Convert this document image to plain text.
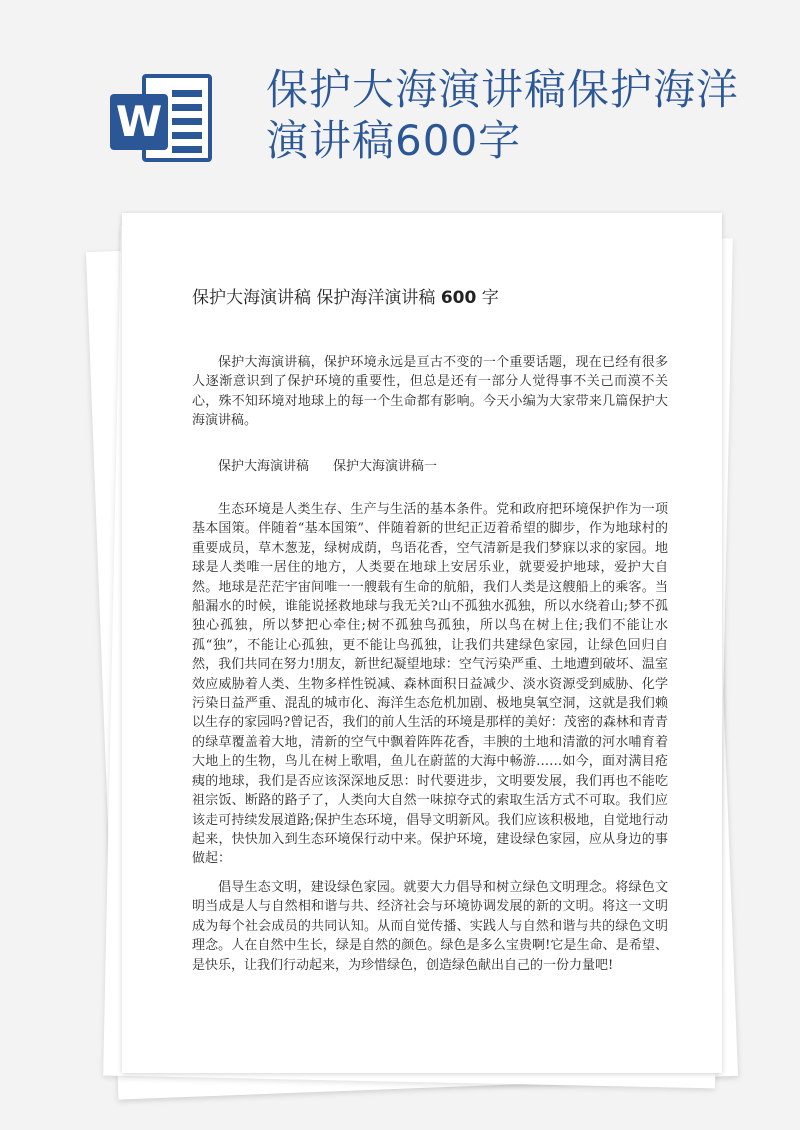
W
保护大海演讲稿保护海洋演讲稿600字
保护大海演讲稿 保护海洋演讲稿 600 字

保护大海演讲稿，保护环境永远是亘古不变的一个重要话题，现在已经有很多人逐渐意识到了保护环境的重要性，但总是还有一部分人觉得事不关己而漠不关心，殊不知环境对地球上的每一个生命都有影响。今天小编为大家带来几篇保护大海演讲稿。

保护大海演讲稿 保护大海演讲稿一

生态环境是人类生存、生产与生活的基本条件。党和政府把环境保护作为一项基本国策。伴随着“基本国策”、伴随着新的世纪正迈着希望的脚步，作为地球村的重要成员，草木葱茏，绿树成荫，鸟语花香，空气清新是我们梦寐以求的家园。地球是人类唯一居住的地方，人类要在地球上安居乐业，就要爱护地球，爱护大自然。地球是茫茫宇宙间唯一一艘载有生命的航船，我们人类是这艘船上的乘客。当船漏水的时候，谁能说拯救地球与我无关?山不孤独水孤独，所以水绕着山;梦不孤独心孤独，所以梦把心牵住;树不孤独鸟孤独，所以鸟在树上住;我们不能让水孤“独”，不能让心孤独，更不能让鸟孤独，让我们共建绿色家园，让绿色回归自然，我们共同在努力!朋友，新世纪凝望地球：空气污染严重、土地遭到破坏、温室效应威胁着人类、生物多样性锐减、森林面积日益减少、淡水资源受到威胁、化学污染日益严重、混乱的城市化、海洋生态危机加剧、极地臭氧空洞，这就是我们赖以生存的家园吗?曾记否，我们的前人生活的环境是那样的美好：茂密的森林和青青的绿草覆盖着大地，清新的空气中飘着阵阵花香，丰腴的土地和清澈的河水哺育着大地上的生物，鸟儿在树上歌唱，鱼儿在蔚蓝的大海中畅游……如今，面对满目疮痍的地球，我们是否应该深深地反思：时代要进步，文明要发展，我们再也不能吃祖宗饭、断路的路子了，人类向大自然一味掠夺式的索取生活方式不可取。我们应该走可持续发展道路;保护生态环境，倡导文明新风。我们应该积极地，自觉地行动起来，快快加入到生态环境保行动中来。保护环境，建设绿色家园，应从身边的事做起：

倡导生态文明，建设绿色家园。就要大力倡导和树立绿色文明理念。将绿色文明当成是人与自然相和谐与共、经济社会与环境协调发展的新的文明。将这一文明成为每个社会成员的共同认知。从而自觉传播、实践人与自然和谐与共的绿色文明理念。人在自然中生长，绿是自然的颜色。绿色是多么宝贵啊!它是生命、是希望、是快乐，让我们行动起来，为珍惜绿色，创造绿色献出自己的一份力量吧!
